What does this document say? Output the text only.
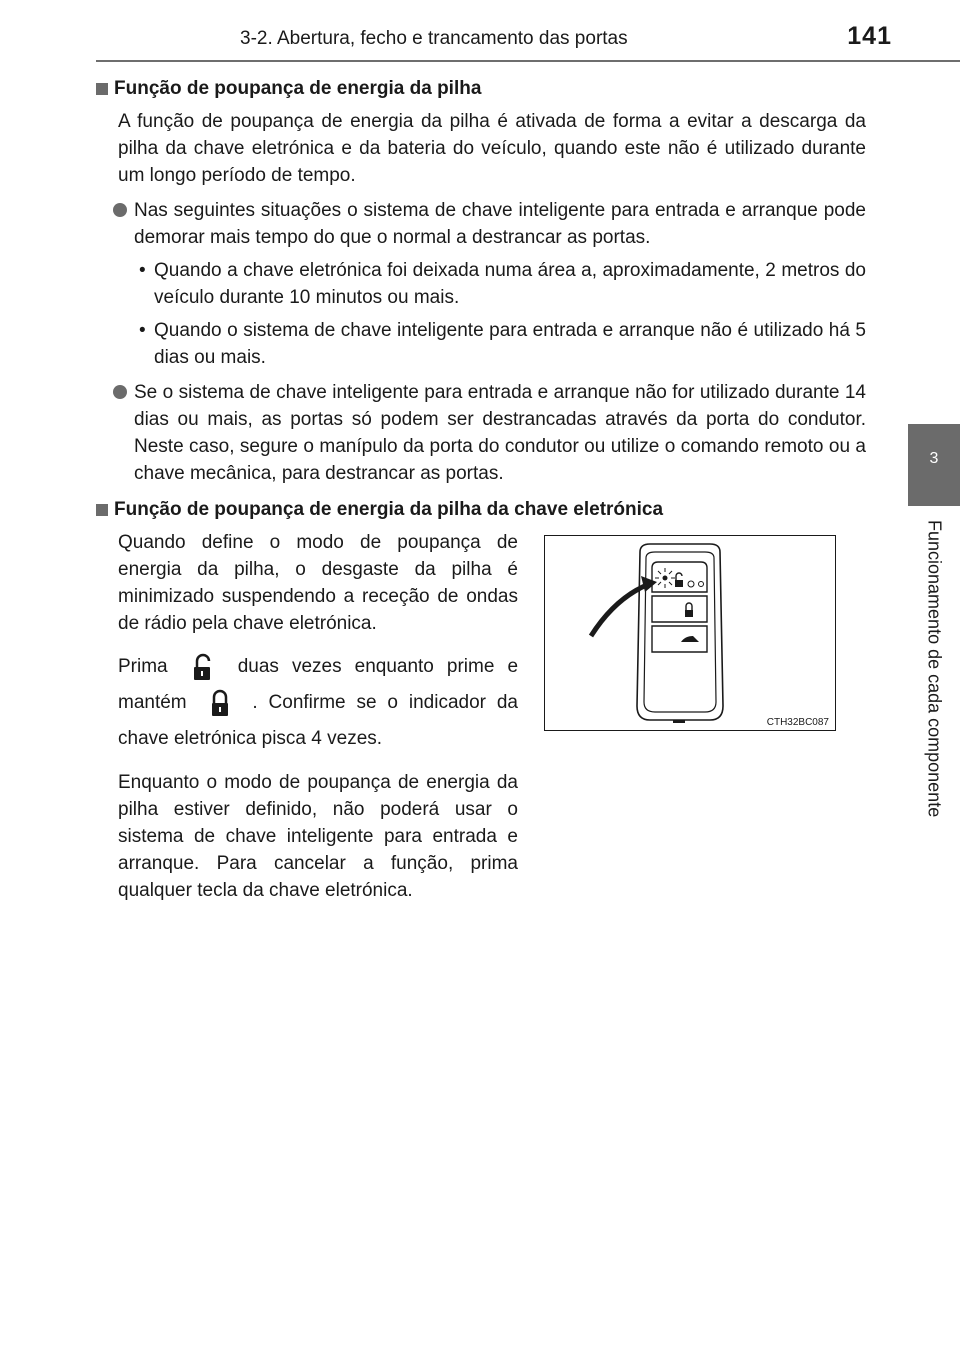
3-2. Abertura, fecho e trancamento das portas	141
3
Funcionamento de cada componente
Função de poupança de energia da pilha
A função de poupança de energia da pilha é ativada de forma a evitar a descarga da pilha da chave eletrónica e da bateria do veículo, quando este não é utilizado durante um longo período de tempo.
Nas seguintes situações o sistema de chave inteligente para entrada e arranque pode demorar mais tempo do que o normal a destrancar as portas.
• Quando a chave eletrónica foi deixada numa área a, aproximadamente, 2 metros do veículo durante 10 minutos ou mais.
• Quando o sistema de chave inteligente para entrada e arranque não é utilizado há 5 dias ou mais.
Se o sistema de chave inteligente para entrada e arranque não for utilizado durante 14 dias ou mais, as portas só podem ser destrancadas através da porta do condutor. Neste caso, segure o manípulo da porta do condutor ou utilize o comando remoto ou a chave mecânica, para destrancar as portas.
Função de poupança de energia da pilha da chave eletrónica

Quando define o modo de poupança de energia da pilha, o desgaste da pilha é minimizado suspendendo a receção de ondas de rádio pela chave eletrónica.

Prima	duas vezes enquanto prime e mantém	. Confirme se o indicador da chave eletrónica pisca 4 vezes.

Enquanto o modo de poupança de energia da pilha estiver definido, não poderá usar o sistema de chave inteligente para entrada e arranque. Para cancelar a função, prima qualquer tecla da chave eletrónica.

CTH32BC087
